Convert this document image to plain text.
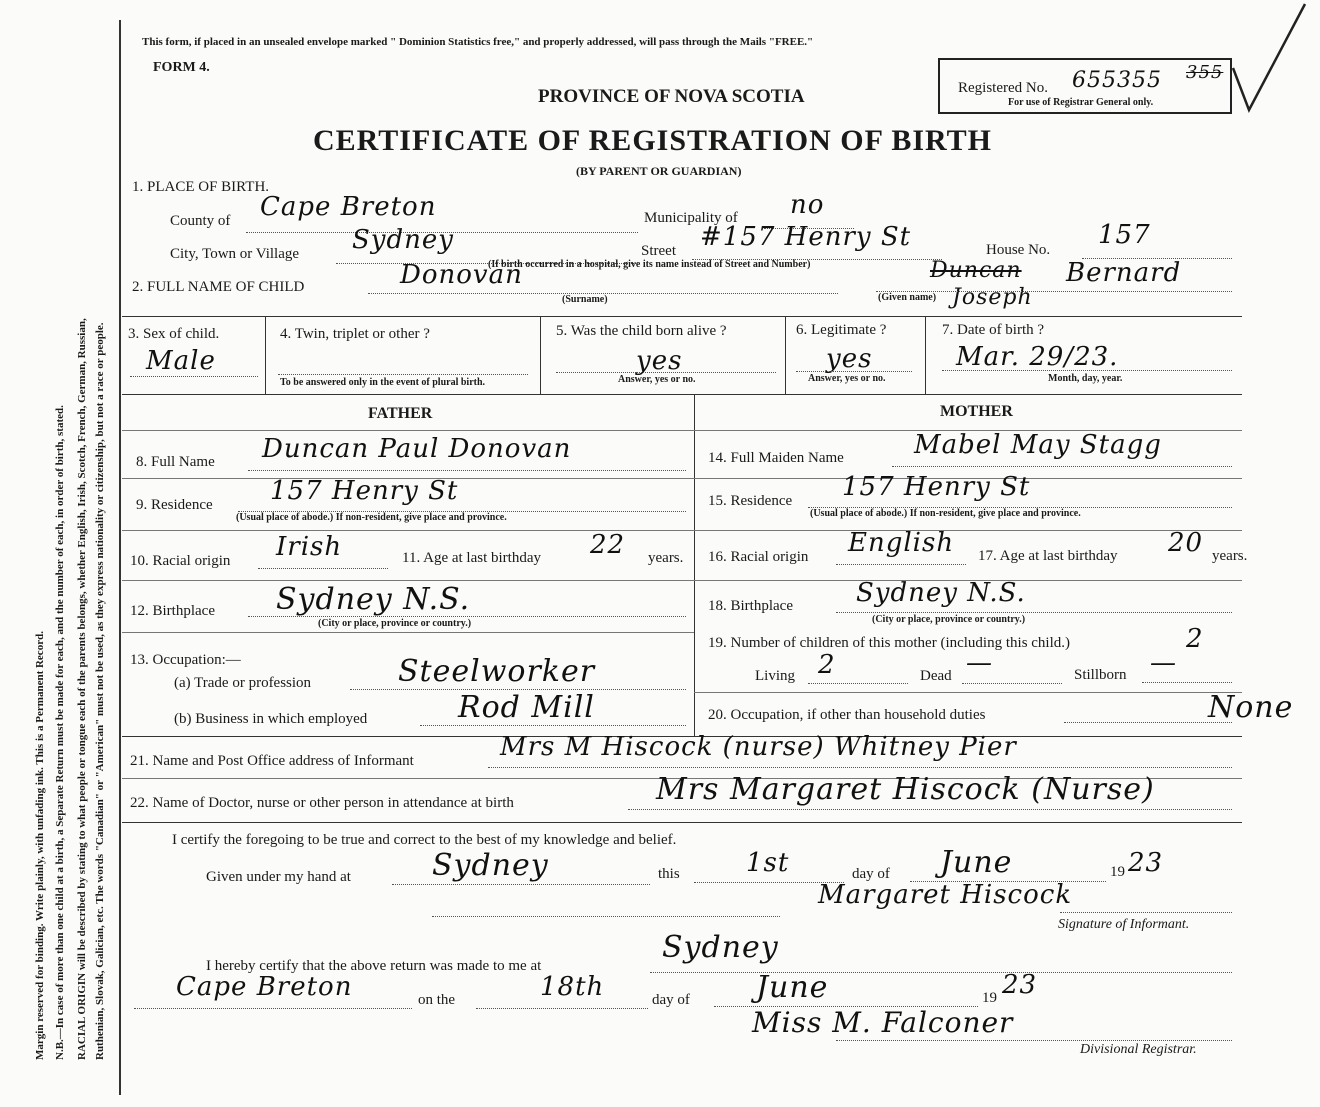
Margin reserved for binding. Write plainly, with unfading ink. This is a Permanent Record. N.B.—In case of more than one child at a birth, a Separate Return must be made for each, and the number of each, in order of birth, stated. RACIAL ORIGIN will be described by stating to what people or tongue each of the parents belongs, whether English, Irish, Scotch, French, German, Russian, Ruthenian, Slovak, Galician, etc. The words "Canadian" or "American" must not be used, as they express nationality or citizenship, but not a race or people.
This form, if placed in an unsealed envelope marked " Dominion Statistics free," and properly addressed, will pass through the Mails "FREE."
FORM 4.
PROVINCE OF NOVA SCOTIA
CERTIFICATE OF REGISTRATION OF BIRTH
(BY PARENT OR GUARDIAN)
Registered No. 655355 355
For use of Registrar General only.
1. PLACE OF BIRTH.
County of Cape Breton	Municipality of no
City, Town or Village Sydney	Street #157 Henry St
(If birth occurred in a hospital, give its name instead of Street and Number)
House No. 157
2. FULL NAME OF CHILD	Donovan
(Surname)
Duncan Bernard
Joseph
(Given name)
3. Sex of child.
Male
4. Twin, triplet or other ?
To be answered only in the event of plural birth.
5. Was the child born alive ?
yes
Answer, yes or no.
6. Legitimate ?
yes
Answer, yes or no.
7. Date of birth ?
Mar. 29/23.
Month, day, year.
FATHER	MOTHER
8. Full Name Duncan Paul Donovan	14. Full Maiden Name	Mabel May Stagg
9. Residence 157 Henry St
(Usual place of abode.) If non-resident, give place and province.
15. Residence 157 Henry St
(Usual place of abode.) If non-resident, give place and province.
10. Racial origin Irish	11. Age at last birthday 22 years. 16. Racial origin English 17. Age at last birthday 20 years.
12. Birthplace Sydney N.S.
(City or place, province or country.)
18. Birthplace Sydney N.S.
(City or place, province or country.)
13. Occupation:—
(a) Trade or profession	Steelworker
(b) Business in which employed	Rod Mill
19. Number of children of this mother (including this child.)	2
Living 2	Dead —	Stillborn —
20. Occupation, if other than household duties	None
21. Name and Post Office address of Informant	Mrs M Hiscock (nurse) Whitney Pier
22. Name of Doctor, nurse or other person in attendance at birth	Mrs Margaret Hiscock (Nurse)
I certify the foregoing to be true and correct to the best of my knowledge and belief.
Given under my hand at	Sydney	this	1st	day of June	19 23
Margaret Hiscock
Signature of Informant.
I hereby certify that the above return was made to me at
Sydney
Cape Breton	on the	18th	day of June	19 23
Miss M. Falconer
Divisional Registrar.
